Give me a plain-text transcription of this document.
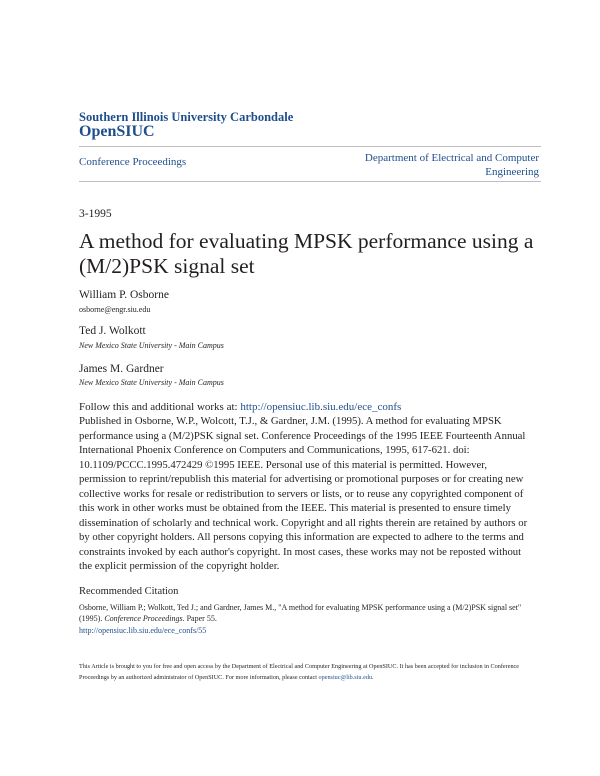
Southern Illinois University Carbondale
OpenSIUC
Conference Proceedings	Department of Electrical and Computer Engineering
3-1995
A method for evaluating MPSK performance using a (M/2)PSK signal set
William P. Osborne
osborne@engr.siu.edu
Ted J. Wolkott
New Mexico State University - Main Campus
James M. Gardner
New Mexico State University - Main Campus
Follow this and additional works at: http://opensiuc.lib.siu.edu/ece_confs
Published in Osborne, W.P., Wolcott, T.J., & Gardner, J.M. (1995). A method for evaluating MPSK performance using a (M/2)PSK signal set. Conference Proceedings of the 1995 IEEE Fourteenth Annual International Phoenix Conference on Computers and Communications, 1995, 617-621. doi: 10.1109/PCCC.1995.472429 ©1995 IEEE. Personal use of this material is permitted. However, permission to reprint/republish this material for advertising or promotional purposes or for creating new collective works for resale or redistribution to servers or lists, or to reuse any copyrighted component of this work in other works must be obtained from the IEEE. This material is presented to ensure timely dissemination of scholarly and technical work. Copyright and all rights therein are retained by authors or by other copyright holders. All persons copying this information are expected to adhere to the terms and constraints invoked by each author's copyright. In most cases, these works may not be reposted without the explicit permission of the copyright holder.
Recommended Citation
Osborne, William P.; Wolkott, Ted J.; and Gardner, James M., "A method for evaluating MPSK performance using a (M/2)PSK signal set" (1995). Conference Proceedings. Paper 55.
http://opensiuc.lib.siu.edu/ece_confs/55
This Article is brought to you for free and open access by the Department of Electrical and Computer Engineering at OpenSIUC. It has been accepted for inclusion in Conference Proceedings by an authorized administrator of OpenSIUC. For more information, please contact opensiuc@lib.siu.edu.
